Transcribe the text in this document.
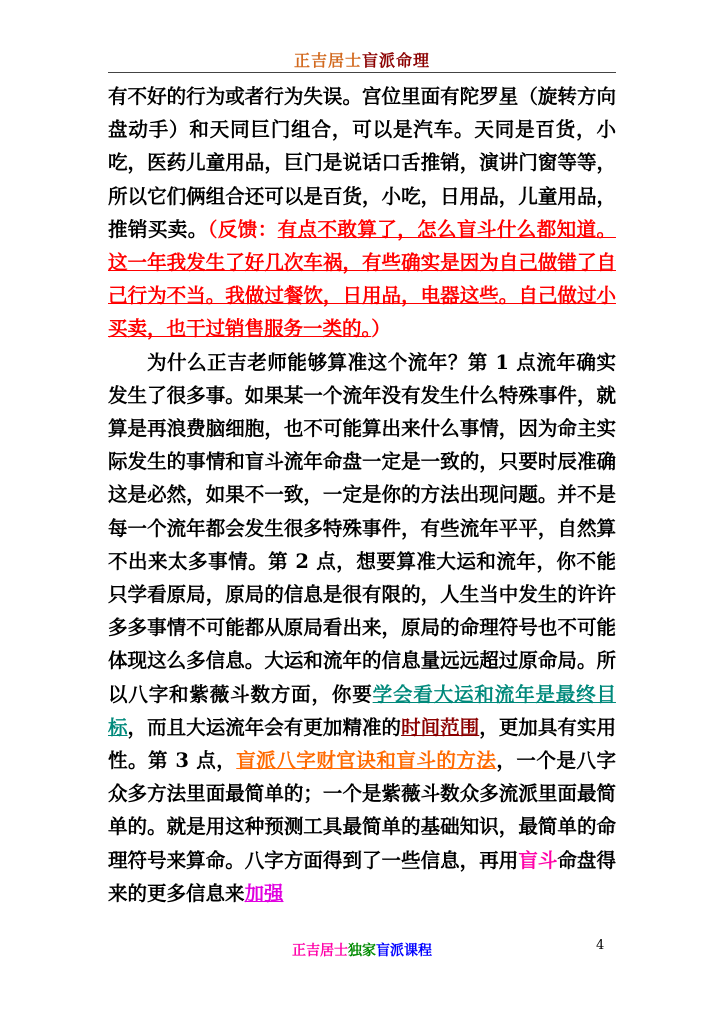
正吉居士盲派命理

有不好的行为或者行为失误。宫位里面有陀罗星（旋转方向盘动手）和天同巨门组合，可以是汽车。天同是百货，小吃，医药儿童用品，巨门是说话口舌推销，演讲门窗等等，所以它们俩组合还可以是百货，小吃，日用品，儿童用品，推销买卖。（反馈：有点不敢算了，怎么盲斗什么都知道。这一年我发生了好几次车祸，有些确实是因为自己做错了自己行为不当。我做过餐饮，日用品，电器这些。自己做过小买卖，也干过销售服务一类的。）

为什么正吉老师能够算准这个流年？第 1 点流年确实发生了很多事。如果某一个流年没有发生什么特殊事件，就算是再浪费脑细胞，也不可能算出来什么事情，因为命主实际发生的事情和盲斗流年命盘一定是一致的，只要时辰准确这是必然，如果不一致，一定是你的方法出现问题。并不是每一个流年都会发生很多特殊事件，有些流年平平，自然算不出来太多事情。第 2 点，想要算准大运和流年，你不能只学看原局，原局的信息是很有限的，人生当中发生的许许多多事情不可能都从原局看出来，原局的命理符号也不可能体现这么多信息。大运和流年的信息量远远超过原命局。所以八字和紫薇斗数方面，你要学会看大运和流年是最终目标，而且大运流年会有更加精准的时间范围，更加具有实用性。第 3 点，盲派八字财官诀和盲斗的方法，一个是八字众多方法里面最简单的；一个是紫薇斗数众多流派里面最简单的。就是用这种预测工具最简单的基础知识，最简单的命理符号来算命。八字方面得到了一些信息，再用盲斗命盘得来的更多信息来加强

正吉居士独家盲派课程	4
